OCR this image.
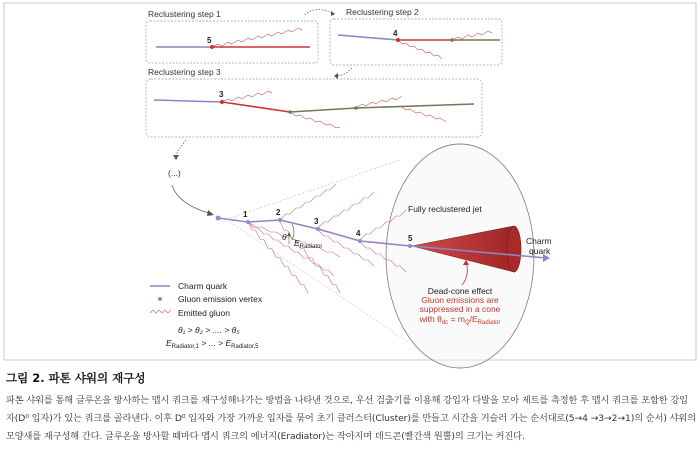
Reclustering step 1
5
Reclustering step 2
4
Reclustering step 3
3
(...)
Fully reclustered jet
θ
$E_{Radiator}$
1	2
3
4
5	Charm
quark
Dead-cone effect
Gluon emissions are
suppressed in a cone
with $\theta_{dc} = m_Q/E_{Radiator}$
Charm quark
Gluon emission vertex
Emitted gluon
θ₁ > θ₂ > .... > θ₅
$E_{Radiator,1}$ > ... > $E_{Radiator,5}$

그림 2. 파톤 샤워의 재구성

파톤 샤워를 통해 글루온을 방사하는 맵시 쿼크를 재구성해나가는 방법을 나타낸 것으로, 우선 검출기를 이용해 강입자 다발을 모아 제트를 측정한 후 맵시 쿼크를 포함한 강입자(D⁰ 입자)가 있는 쿼크를 골라낸다. 이후 D⁰ 입자와 가장 가까운 입자를 묶어 초기 클러스터(Cluster)를 만들고 시간을 거슬러 가는 순서대로(5→4 →3→2→1)의 순서) 샤워의 모양새를 재구성해 간다. 글루온을 방사할 때마다 맵시 쿼크의 에너지(Eradiator)는 작아지며 데드콘(빨간색 원뿔)의 크기는 커진다.
